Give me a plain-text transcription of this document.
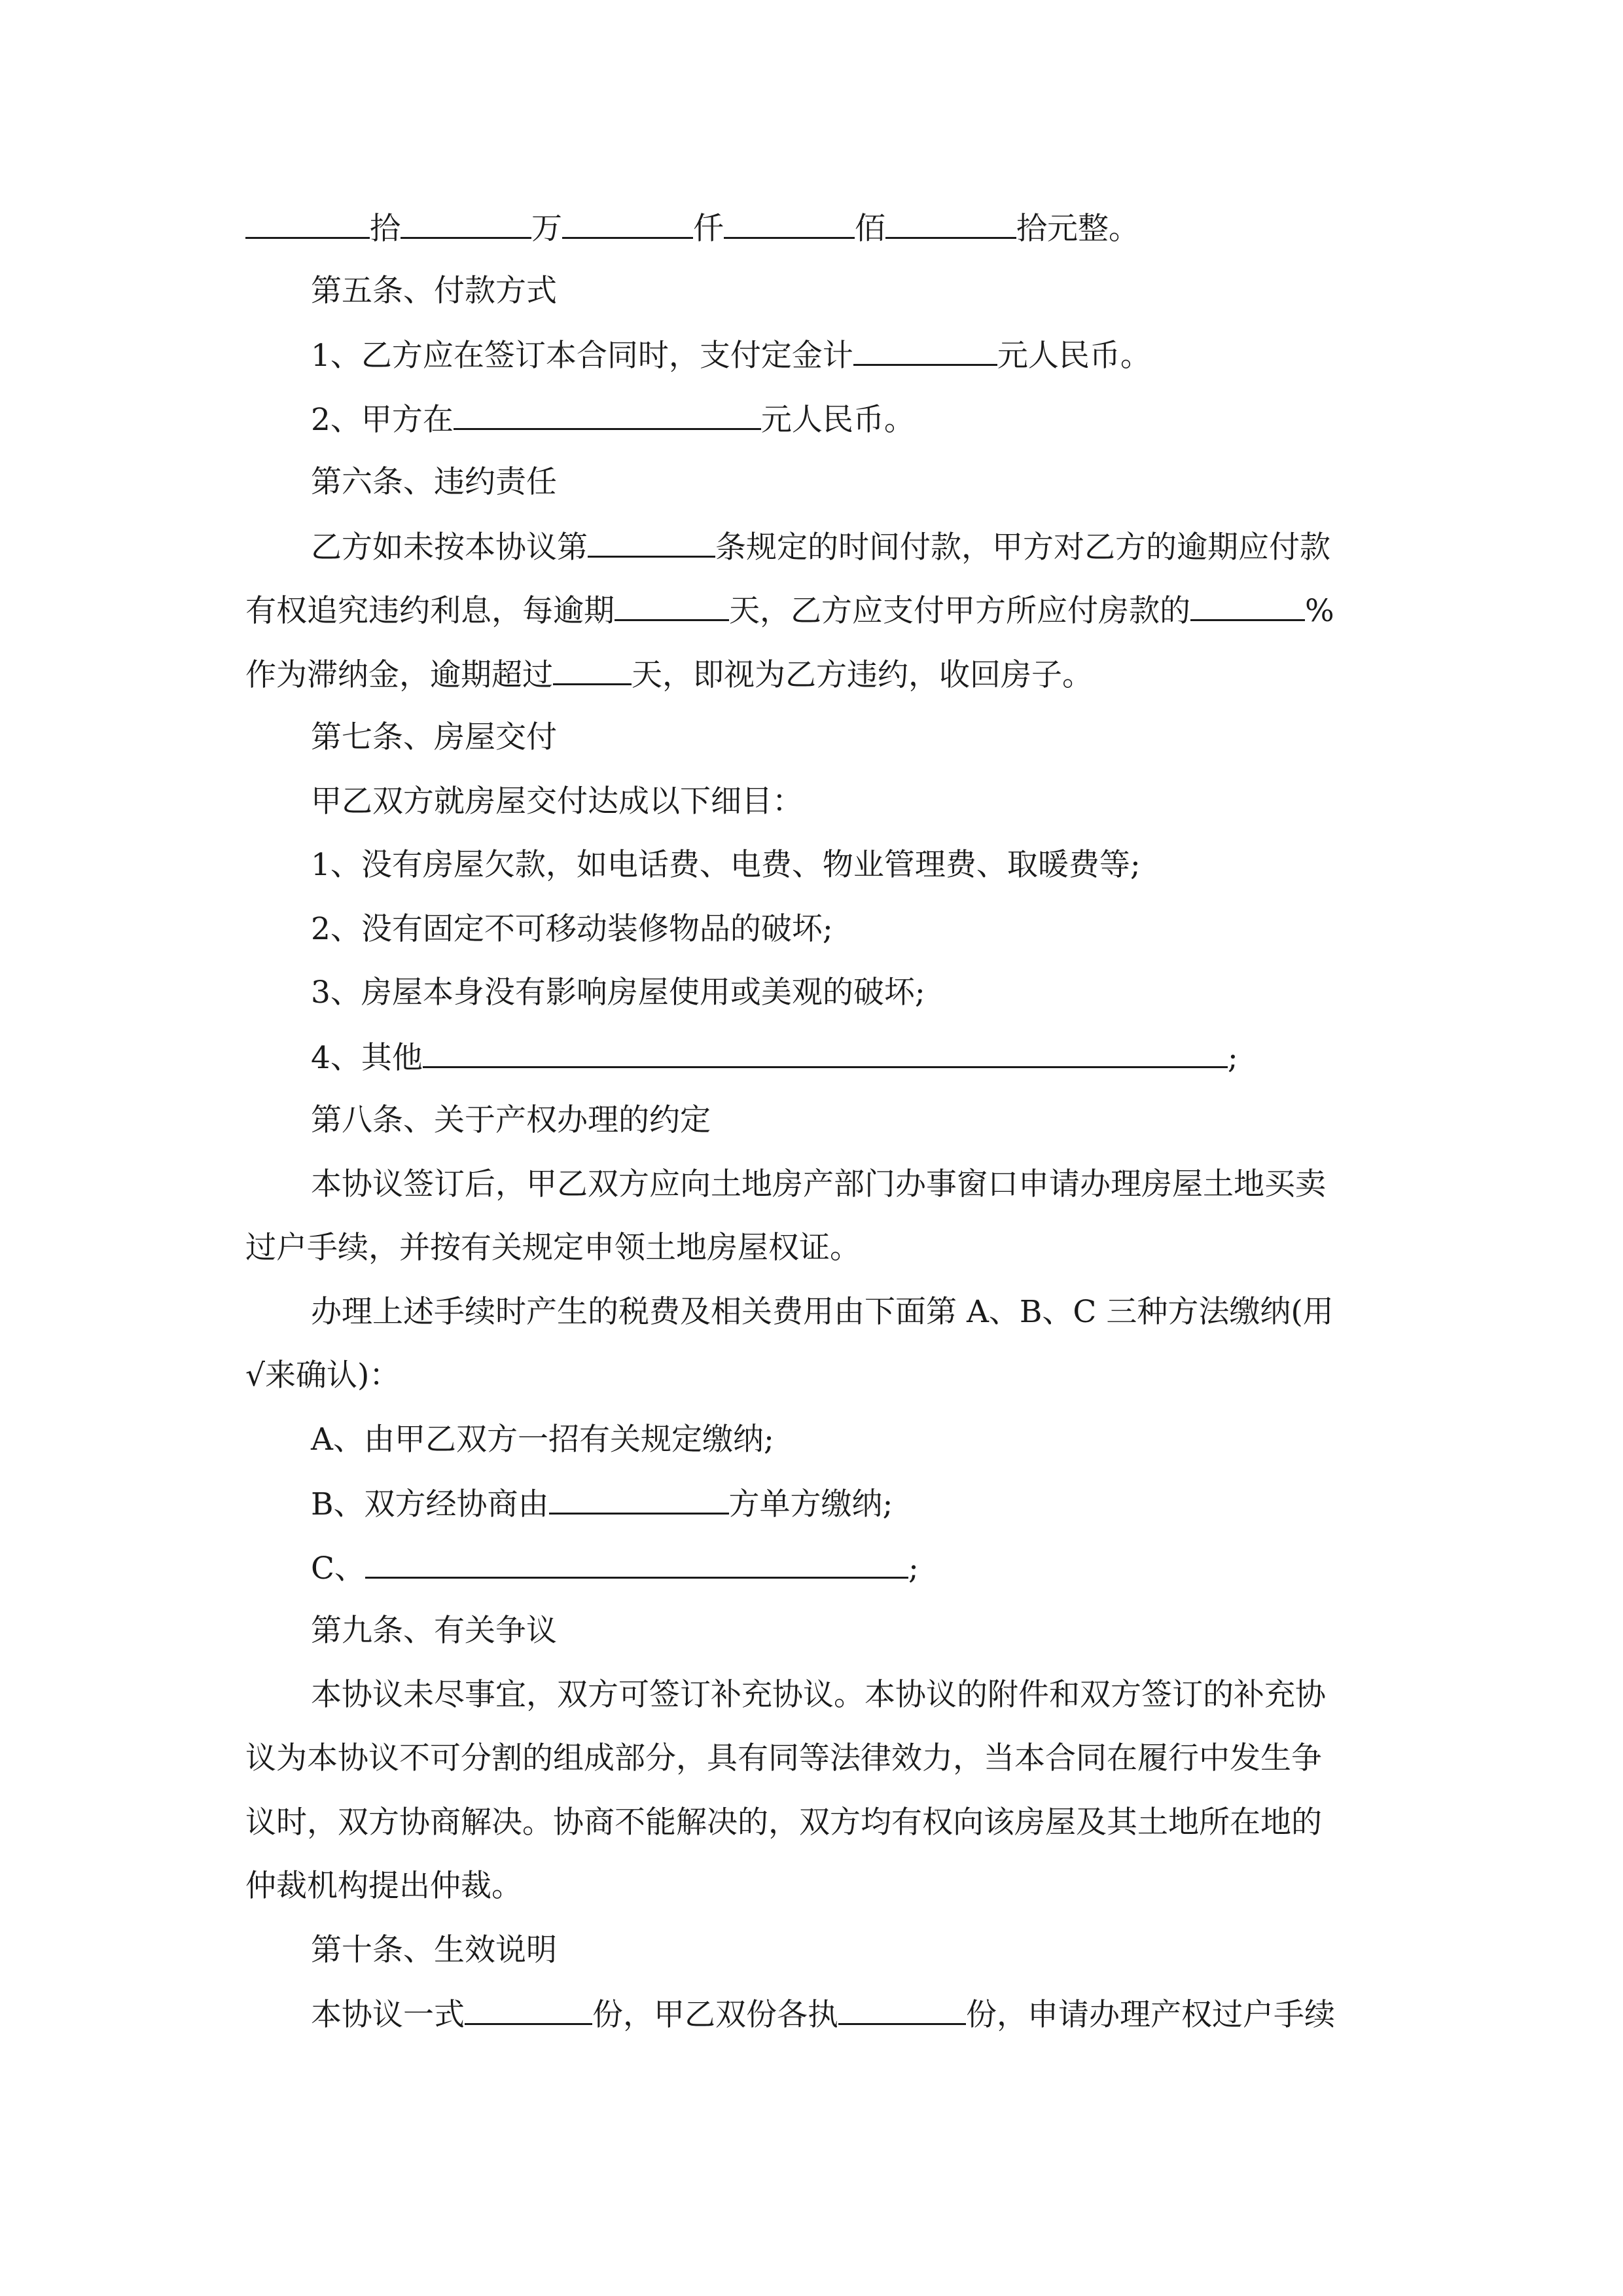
拾	万	仟	佰	拾元整。
第五条、付款方式
1、乙方应在签订本合同时，支付定金计	元人民币。
2、甲方在	元人民币。
第六条、违约责任
乙方如未按本协议第	条规定的时间付款，甲方对乙方的逾期应付款
有权追究违约利息，每逾期	天，乙方应支付甲方所应付房款的	%
作为滞纳金，逾期超过	天，即视为乙方违约，收回房子。
第七条、房屋交付
甲乙双方就房屋交付达成以下细目：
1、没有房屋欠款，如电话费、电费、物业管理费、取暖费等;
2、没有固定不可移动装修物品的破坏;
3、房屋本身没有影响房屋使用或美观的破坏;
4、其他	;
第八条、关于产权办理的约定
本协议签订后，甲乙双方应向土地房产部门办事窗口申请办理房屋土地买卖
过户手续，并按有关规定申领土地房屋权证。
办理上述手续时产生的税费及相关费用由下面第 A、B、C 三种方法缴纳(用
√来确认)：
A、由甲乙双方一招有关规定缴纳;
B、双方经协商由	方单方缴纳;
C、	;
第九条、有关争议
本协议未尽事宜，双方可签订补充协议。本协议的附件和双方签订的补充协
议为本协议不可分割的组成部分，具有同等法律效力，当本合同在履行中发生争
议时，双方协商解决。协商不能解决的，双方均有权向该房屋及其土地所在地的
仲裁机构提出仲裁。
第十条、生效说明
本协议一式	份，甲乙双份各执	份，申请办理产权过户手续
